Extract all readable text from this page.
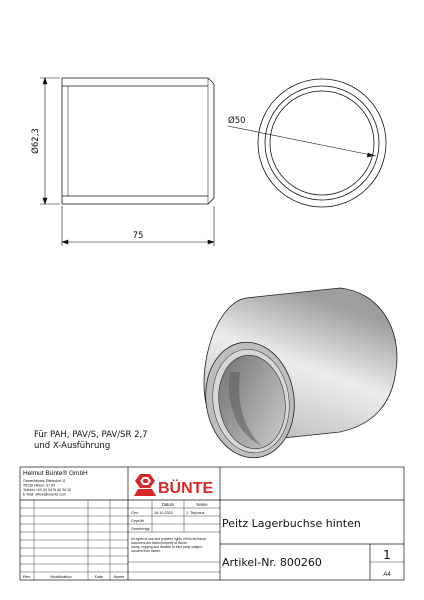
Ø62,3
75
Ø50
Für PAH, PAV/S, PAV/SR 2,7
und X-Ausführung
Helmut Bünte® GmbH
Gewerbepark Eltersdorf 11
45136 Hilden, 47 64
Telefon +49 (0) 5476 40 34 10
E-Mail: office@buente.com	BÜNTE
Datum	Name
Gez.	18.10.2022	J. Triphaus
Geprüft
Genehmigt
All rights of use and property rights of this technical
document are lawful property of Bünte.
Using, copying and transfer to third party subject
consent from owner.
Peitz Lagerbuchse hinten
Artikel-Nr. 800260
1
A4
Rev.	Modification	Date	Name
